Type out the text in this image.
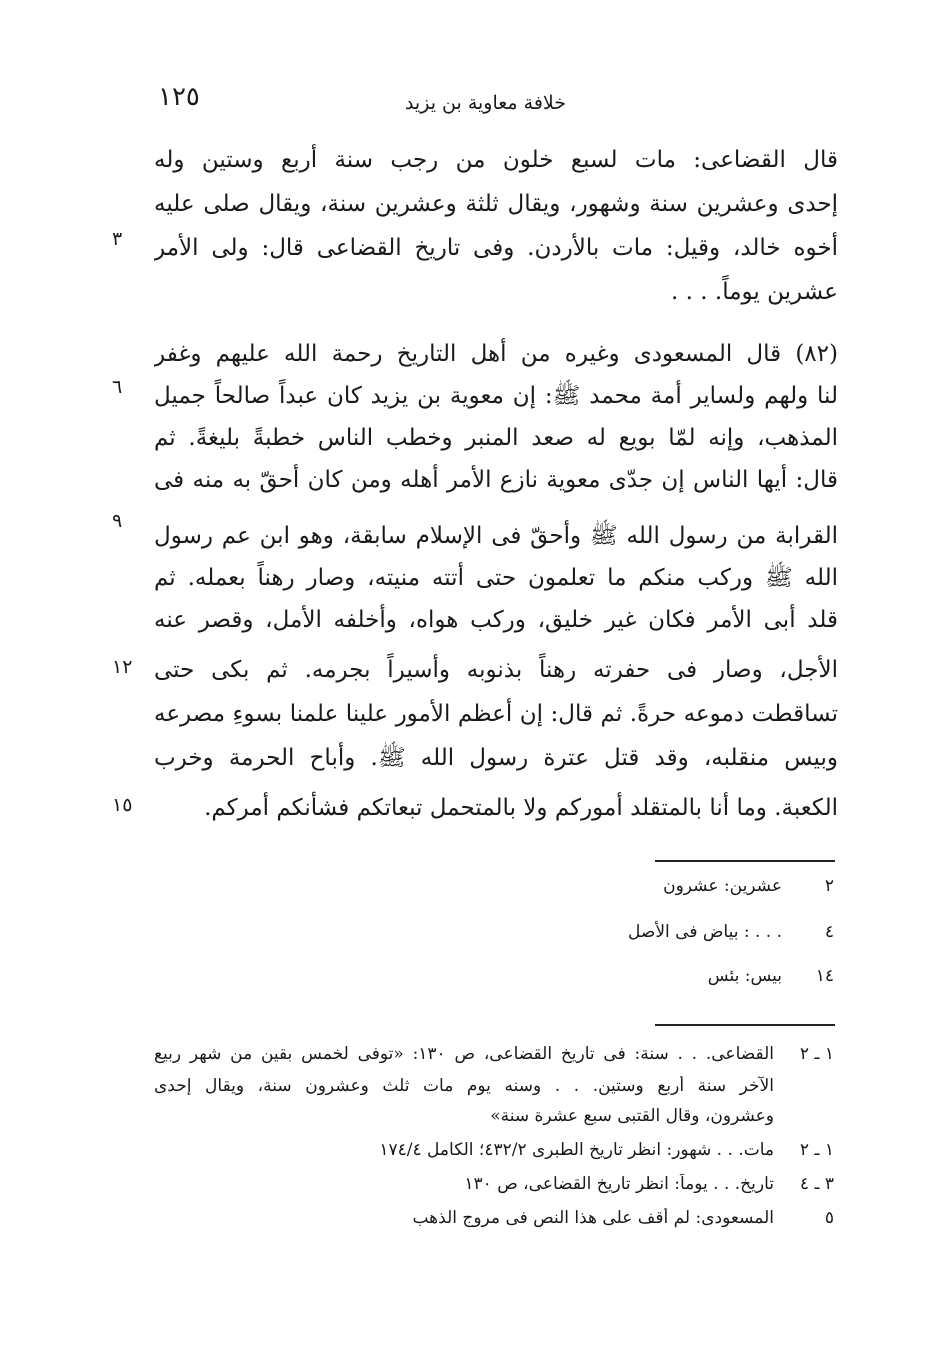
١٢٥	خلافة معاوية بن يزيد
قال القضاعى: مات لسبع خلون من رجب سنة أربع وستين وله
إحدى وعشرين سنة وشهور، ويقال ثلثة وعشرين سنة، ويقال صلى عليه
أخوه خالد، وقيل: مات بالأردن. وفى تاريخ القضاعى قال: ولى الأمر
عشرين يوماً. . . .
(٨٢) قال المسعودى وغيره من أهل التاريخ رحمة الله عليهم وغفر
لنا ولهم ولساير أمة محمد ﷺ: إن معوية بن يزيد كان عبداً صالحاً جميل
المذهب، وإنه لمّا بويع له صعد المنبر وخطب الناس خطبةً بليغةً. ثم
قال: أيها الناس إن جدّى معوية نازع الأمر أهله ومن كان أحقّ به منه فى
القرابة من رسول الله ﷺ وأحقّ فى الإسلام سابقة، وهو ابن عم رسول
الله ﷺ وركب منكم ما تعلمون حتى أتته منيته، وصار رهناً بعمله. ثم
قلد أبى الأمر فكان غير خليق، وركب هواه، وأخلفه الأمل، وقصر عنه
الأجل، وصار فى حفرته رهناً بذنوبه وأسيراً بجرمه. ثم بكى حتى
تساقطت دموعه حرةً. ثم قال: إن أعظم الأمور علينا علمنا بسوءِ مصرعه
وبيس منقلبه، وقد قتل عترة رسول الله ﷺ. وأباح الحرمة وخرب
الكعبة. وما أنا بالمتقلد أموركم ولا بالمتحمل تبعاتكم فشأنكم أمركم.
٣
٦
٩
١٢
١٥
٢
عشرين: عشرون
٤
. . . : بياض فى الأصل
١٤
بيس: بئس
١ ـ ٢
القضاعى. . . سنة: فى تاريخ القضاعى، ص ١٣٠: «توفى لخمس بقين من شهر ربيع
الآخر سنة أربع وستين. . . وسنه يوم مات ثلث وعشرون سنة، ويقال إحدى
وعشرون، وقال القتبى سبع عشرة سنة»
١ ـ ٢
مات. . . شهور: انظر تاريخ الطبرى ٤٣٢/٢؛ الكامل ١٧٤/٤
٣ ـ ٤
تاريخ. . . يوماً: انظر تاريخ القضاعى، ص ١٣٠
٥
المسعودى: لم أقف على هذا النص فى مروج الذهب
